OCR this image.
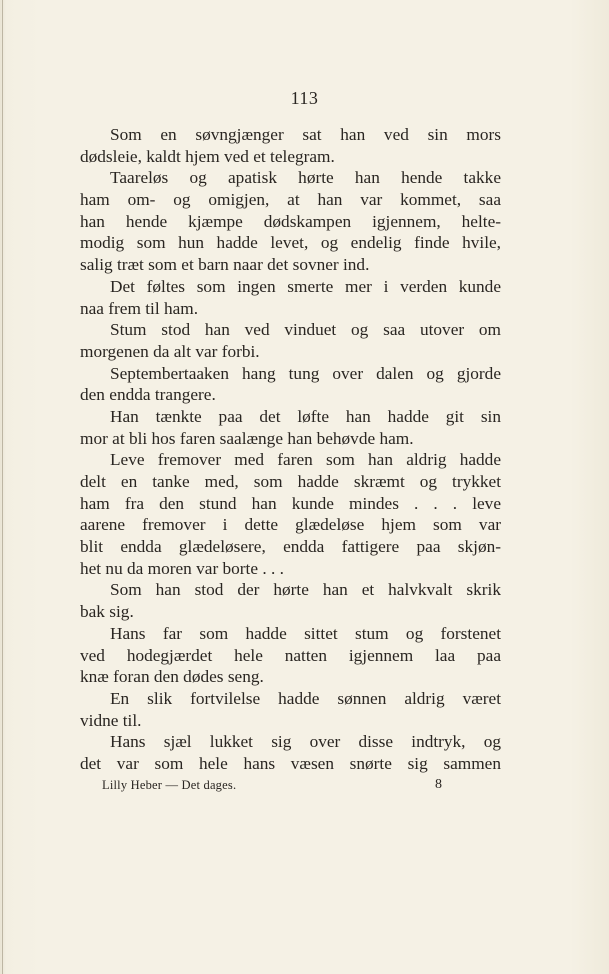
113
Som en søvngjænger sat han ved sin mors
dødsleie, kaldt hjem ved et telegram.
Taareløs og apatisk hørte han hende takke
ham om- og omigjen, at han var kommet, saa
han hende kjæmpe dødskampen igjennem, helte-
modig som hun hadde levet, og endelig finde hvile,
salig træt som et barn naar det sovner ind.
Det føltes som ingen smerte mer i verden kunde
naa frem til ham.
Stum stod han ved vinduet og saa utover om
morgenen da alt var forbi.
Septembertaaken hang tung over dalen og gjorde
den endda trangere.
Han tænkte paa det løfte han hadde git sin
mor at bli hos faren saalænge han behøvde ham.
Leve fremover med faren som han aldrig hadde
delt en tanke med, som hadde skræmt og trykket
ham fra den stund han kunde mindes . . . leve
aarene fremover i dette glædeløse hjem som var
blit endda glædeløsere, endda fattigere paa skjøn-
het nu da moren var borte . . .
Som han stod der hørte han et halvkvalt skrik
bak sig.
Hans far som hadde sittet stum og forstenet
ved hodegjærdet hele natten igjennem laa paa
knæ foran den dødes seng.
En slik fortvilelse hadde sønnen aldrig været
vidne til.
Hans sjæl lukket sig over disse indtryk, og
det var som hele hans væsen snørte sig sammen
Lilly Heber — Det dages.	8
